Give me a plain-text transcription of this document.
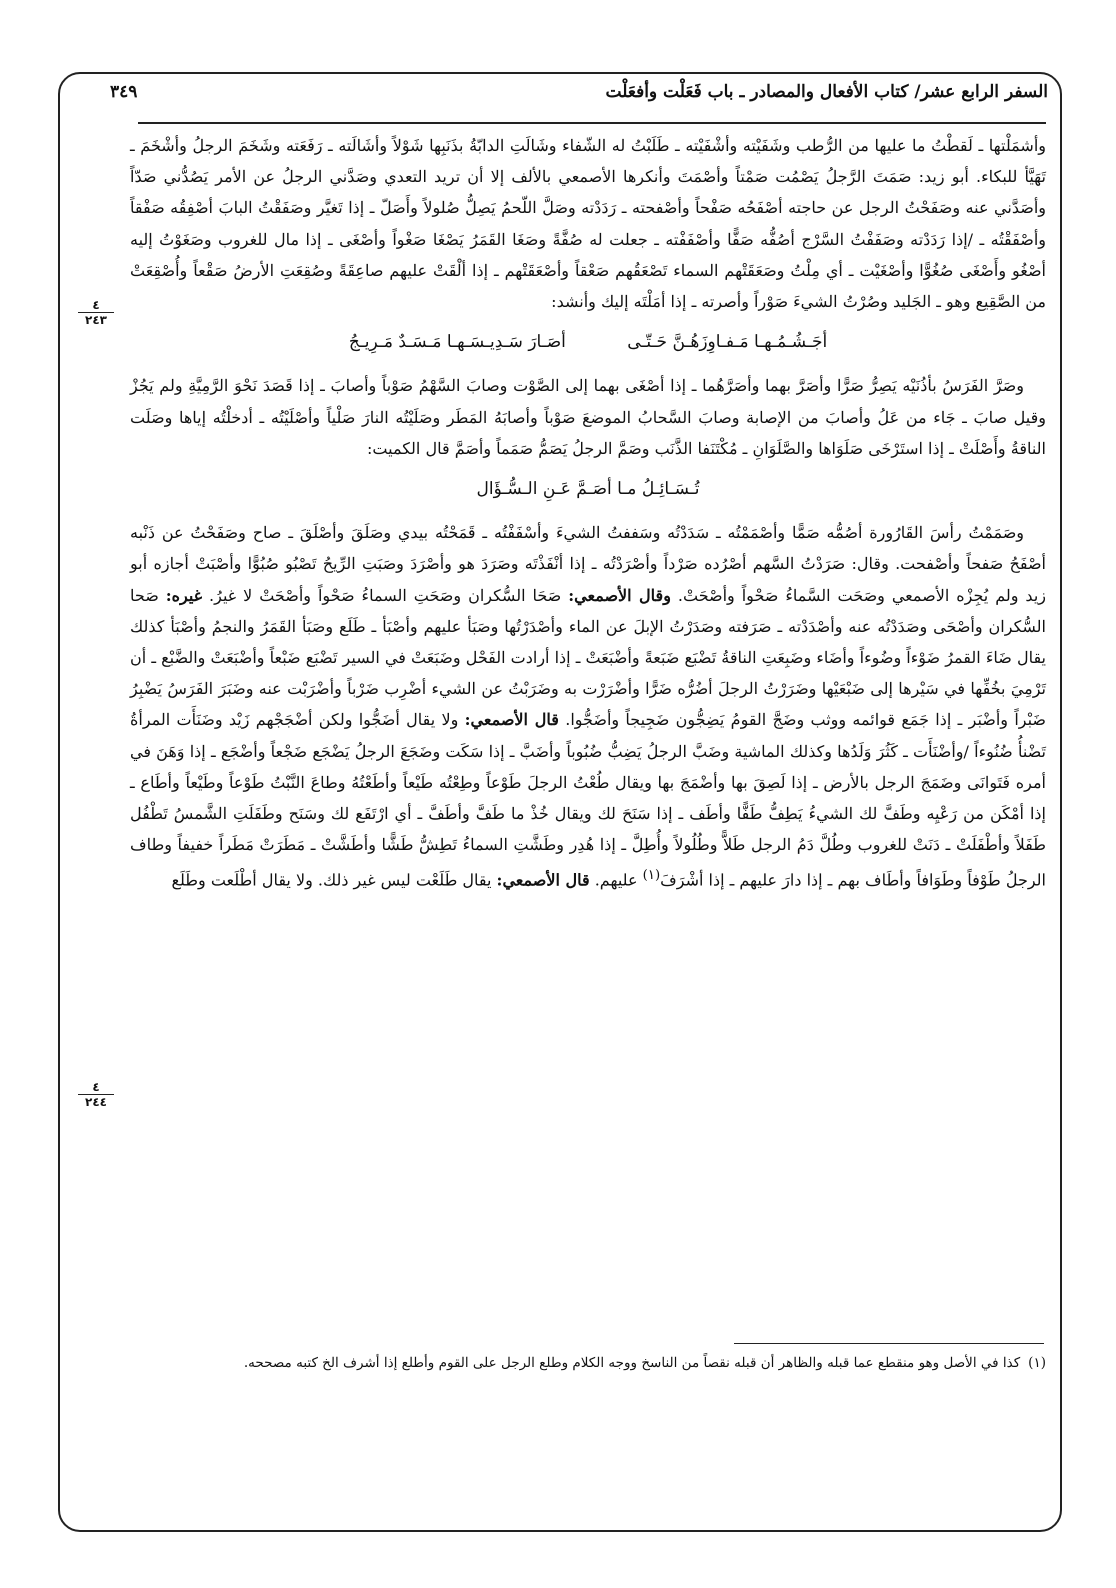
السفر الرابع عشر/ كتاب الأفعال والمصادر ـ باب فَعَلْت وأفعَلْت
٣٤٩
٤
٢٤٣
٤
٢٤٤

وأشمَلْتها ـ لَقطْتُ ما عليها من الرُّطب وشَفَيْته وأشْفَيْته ـ طَلَبْتُ له الشّفاء وشَالَتِ الدابّةُ بذَنَبِها شَوْلاً وأشَالَته ـ رَفَعَته وشَخَمَ الرجلُ وأشْخَمَ ـ تَهَيَّأ للبكاء. أبو زيد: صَمَتَ الرَّجلُ يَصْمُت صَمْتاً وأصْمَتَ وأنكرها الأصمعي بالألف إلا أن تريد التعدي وصَدَّني الرجلُ عن الأمر يَصُدُّني صَدّاً وأصَدَّني عنه وصَفَحْتُ الرجل عن حاجته أصْفَحُه صَفْحاً وأصْفحته ـ رَدَدْته وصَلَّ اللّحمُ يَصِلُّ صُلولاً وأَصَلّ ـ إذا تَغيَّر وصَفَقْتُ البابَ أصْفِقُه صَفْقاً وأصْفَقْتُه ـ /إذا رَدَدْته وصَفَفْتُ السَّرْج أصُفُّه صَفًّا وأصْفَفْته ـ جعلت له صُفَّةً وصَغَا القَمَرُ يَصْغَا صَغْواً وأصْغَى ـ إذا مال للغروب وصَغَوْتُ إليه أصْغُو وأَصْغَى صُغُوًّا وأصْغَيْت ـ أي مِلْتُ وصَعَقَتْهم السماء تَصْعَقُهم صَعْقاً وأصْعَقَتْهم ـ إذا ألْقَتْ عليهم صاعِقَةً وصُقِعَتِ الأرضُ صَقْعاً وأُصْقِعَتْ من الصَّقِيع وهو ـ الجَليد وصُرْتُ الشيءَ صَوْراً وأصرته ـ إذا أمَلْتَه إليك وأنشد:

أجَـشُـمُـهـا مَـفـاوِزَهُـنَّ حَـتّـى أصَـارَ سَـدِيـسَـهـا مَـسَـدٌ مَـرِيـجُ

وصَرَّ الفَرَسُ بأذُنَيْه يَصِرُّ صَرًّا وأصَرَّ بهما وأصَرَّهُما ـ إذا أصْغَى بهما إلى الصَّوْت وصابَ السَّهْمُ صَوْباً وأصابَ ـ إذا قَصَدَ نَحْوَ الرَّمِيَّةِ ولم يَجُزْ وقيل صابَ ـ جَاء من عَلُ وأصابَ من الإصابة وصابَ السَّحابُ الموضعَ صَوْباً وأصابَهُ المَطَر وصَلَيْتُه النارَ صَلْياً وأصْلَيْتُه ـ أدخلْتُه إياها وصَلَت الناقةُ وأَصْلَتْ ـ إذا استَرْخَى صَلَوَاها والصَّلَوَانِ ـ مُكْتَنَفا الذَّنَب وصَمَّ الرجلُ يَصَمُّ صَمَماً وأصَمَّ قال الكميت:

تُـسَـائِـلُ مـا أصَـمَّ عَـنِ الـسُّـؤَال

وصَمَمْتُ رأسَ القَارُورة أصُمُّه صَمًّا وأصْمَمْتُه ـ سَدَدْتُه وسَففتُ الشيءَ وأسْفَفْتُه ـ قَمَحْتُه بيدي وصَلَقَ وأصْلَقَ ـ صاح وصَفَحْتُ عن ذَنْبه أصْفَحُ صَفحاً وأصْفحت. وقال: صَرَدْتُ السَّهم أصْرُده صَرْداً وأصْرَدْتُه ـ إذا أنْفَذْتَه وصَرَدَ هو وأصْرَدَ وصَبَتِ الرِّيحُ تَصْبُو صُبُوًّا وأصْبَتْ أجازه أبو زيد ولم يُجِزْه الأصمعي وصَحَت السَّماءُ صَحْواً وأصْحَتْ. وقال الأصمعي: صَحَا السُّكران وصَحَتِ السماءُ صَحْواً وأصْحَتْ لا غيرُ. غيره: صَحا السُّكران وأصْحَى وصَدَدْتُه عنه وأصْدَدْته ـ صَرَفته وصَدَرْتُ الإبلَ عن الماء وأصْدَرْتُها وصَبَأ عليهم وأصْبَأ ـ طَلَع وصَبَأ القَمَرُ والنجمُ وأصْبَأ كذلك يقال ضَاءَ القمرُ ضَوْءاً وضُوءاً وأضَاء وضَبِعَتِ الناقةُ تَضْبَع ضَبَعةً وأضْبَعَتْ ـ إذا أرادت الفَحْل وضَبَعَتْ في السير تَضْبَع ضَبْعاً وأضْبَعَتْ والضَّبْع ـ أن تَرْمِيَ بخُفِّها في سَيْرها إلى ضَبْعَيْها وضَرَرْتُ الرجلَ أضُرُّه ضَرًّا وأضْرَرْت به وضَرَبْتُ عن الشيء أضْرِب ضَرْباً وأضْرَبْت عنه وضَبَرَ الفَرَسُ يَضْبِرُ ضَبْراً وأضْبَر ـ إذا جَمَع قوائمه ووثب وضَجَّ القومُ يَضِجُّون ضَجِيجاً وأضَجُّوا. قال الأصمعي: ولا يقال أضَجُّوا ولكن أضْجَجْهم زَيْد وضَنَأَت المرأةُ تَضْنأُ ضُنُوءاً /وأضْنَأَت ـ كَثُرَ وَلَدُها وكذلك الماشية وضَبَّ الرجلُ يَضِبُّ ضُبُوباً وأضَبَّ ـ إذا سَكَت وضَجَعَ الرجلُ يَضْجَع ضَجْعاً وأضْجَع ـ إذا وَهَنَ في أمره فَتَوانَى وضَمَجَ الرجل بالأرض ـ إذا لَصِقَ بها وأضْمَجَ بها ويقال طُعْتُ الرجلَ طَوْعاً وطِعْتُه طَيْعاً وأطَعْتُهُ وطاعَ النَّبْتُ طَوْعاً وطَيْعاً وأطَاع ـ إذا أمْكَن من رَعْيِه وطَفَّ لك الشيءُ يَطِفُّ طَفًّا وأطَف ـ إذا سَنَحَ لك ويقال خُذْ ما طَفَّ وأطَفَّ ـ أي ارْتَفَع لك وسَنَح وطَفَلَتِ الشَّمسُ تَطْفُل طَفَلاً وأطْفَلَتْ ـ دَنَتْ للغروب وطُلَّ دَمُ الرجل طَلاًّ وطُلُولاً وأُطِلَّ ـ إذا هُدِر وطَشَّتِ السماءُ تَطِشُّ طَشًّا وأطَشَّتْ ـ مَطَرَتْ مَطَراً خفيفاً وطاف الرجلُ طَوْفاً وطَوَافاً وأطَاف بهم ـ إذا دارَ عليهم ـ إذا أشْرَفَ$^{(١)}$ عليهم. قال الأصمعي: يقال طَلَعْت ليس غير ذلك. ولا يقال أطْلَعت وطَلَع

(١)كذا في الأصل وهو منقطع عما قبله والظاهر أن قبله نقصاً من الناسخ ووجه الكلام وطلع الرجل على القوم وأطلع إذا أشرف الخ كتبه مصححه.
